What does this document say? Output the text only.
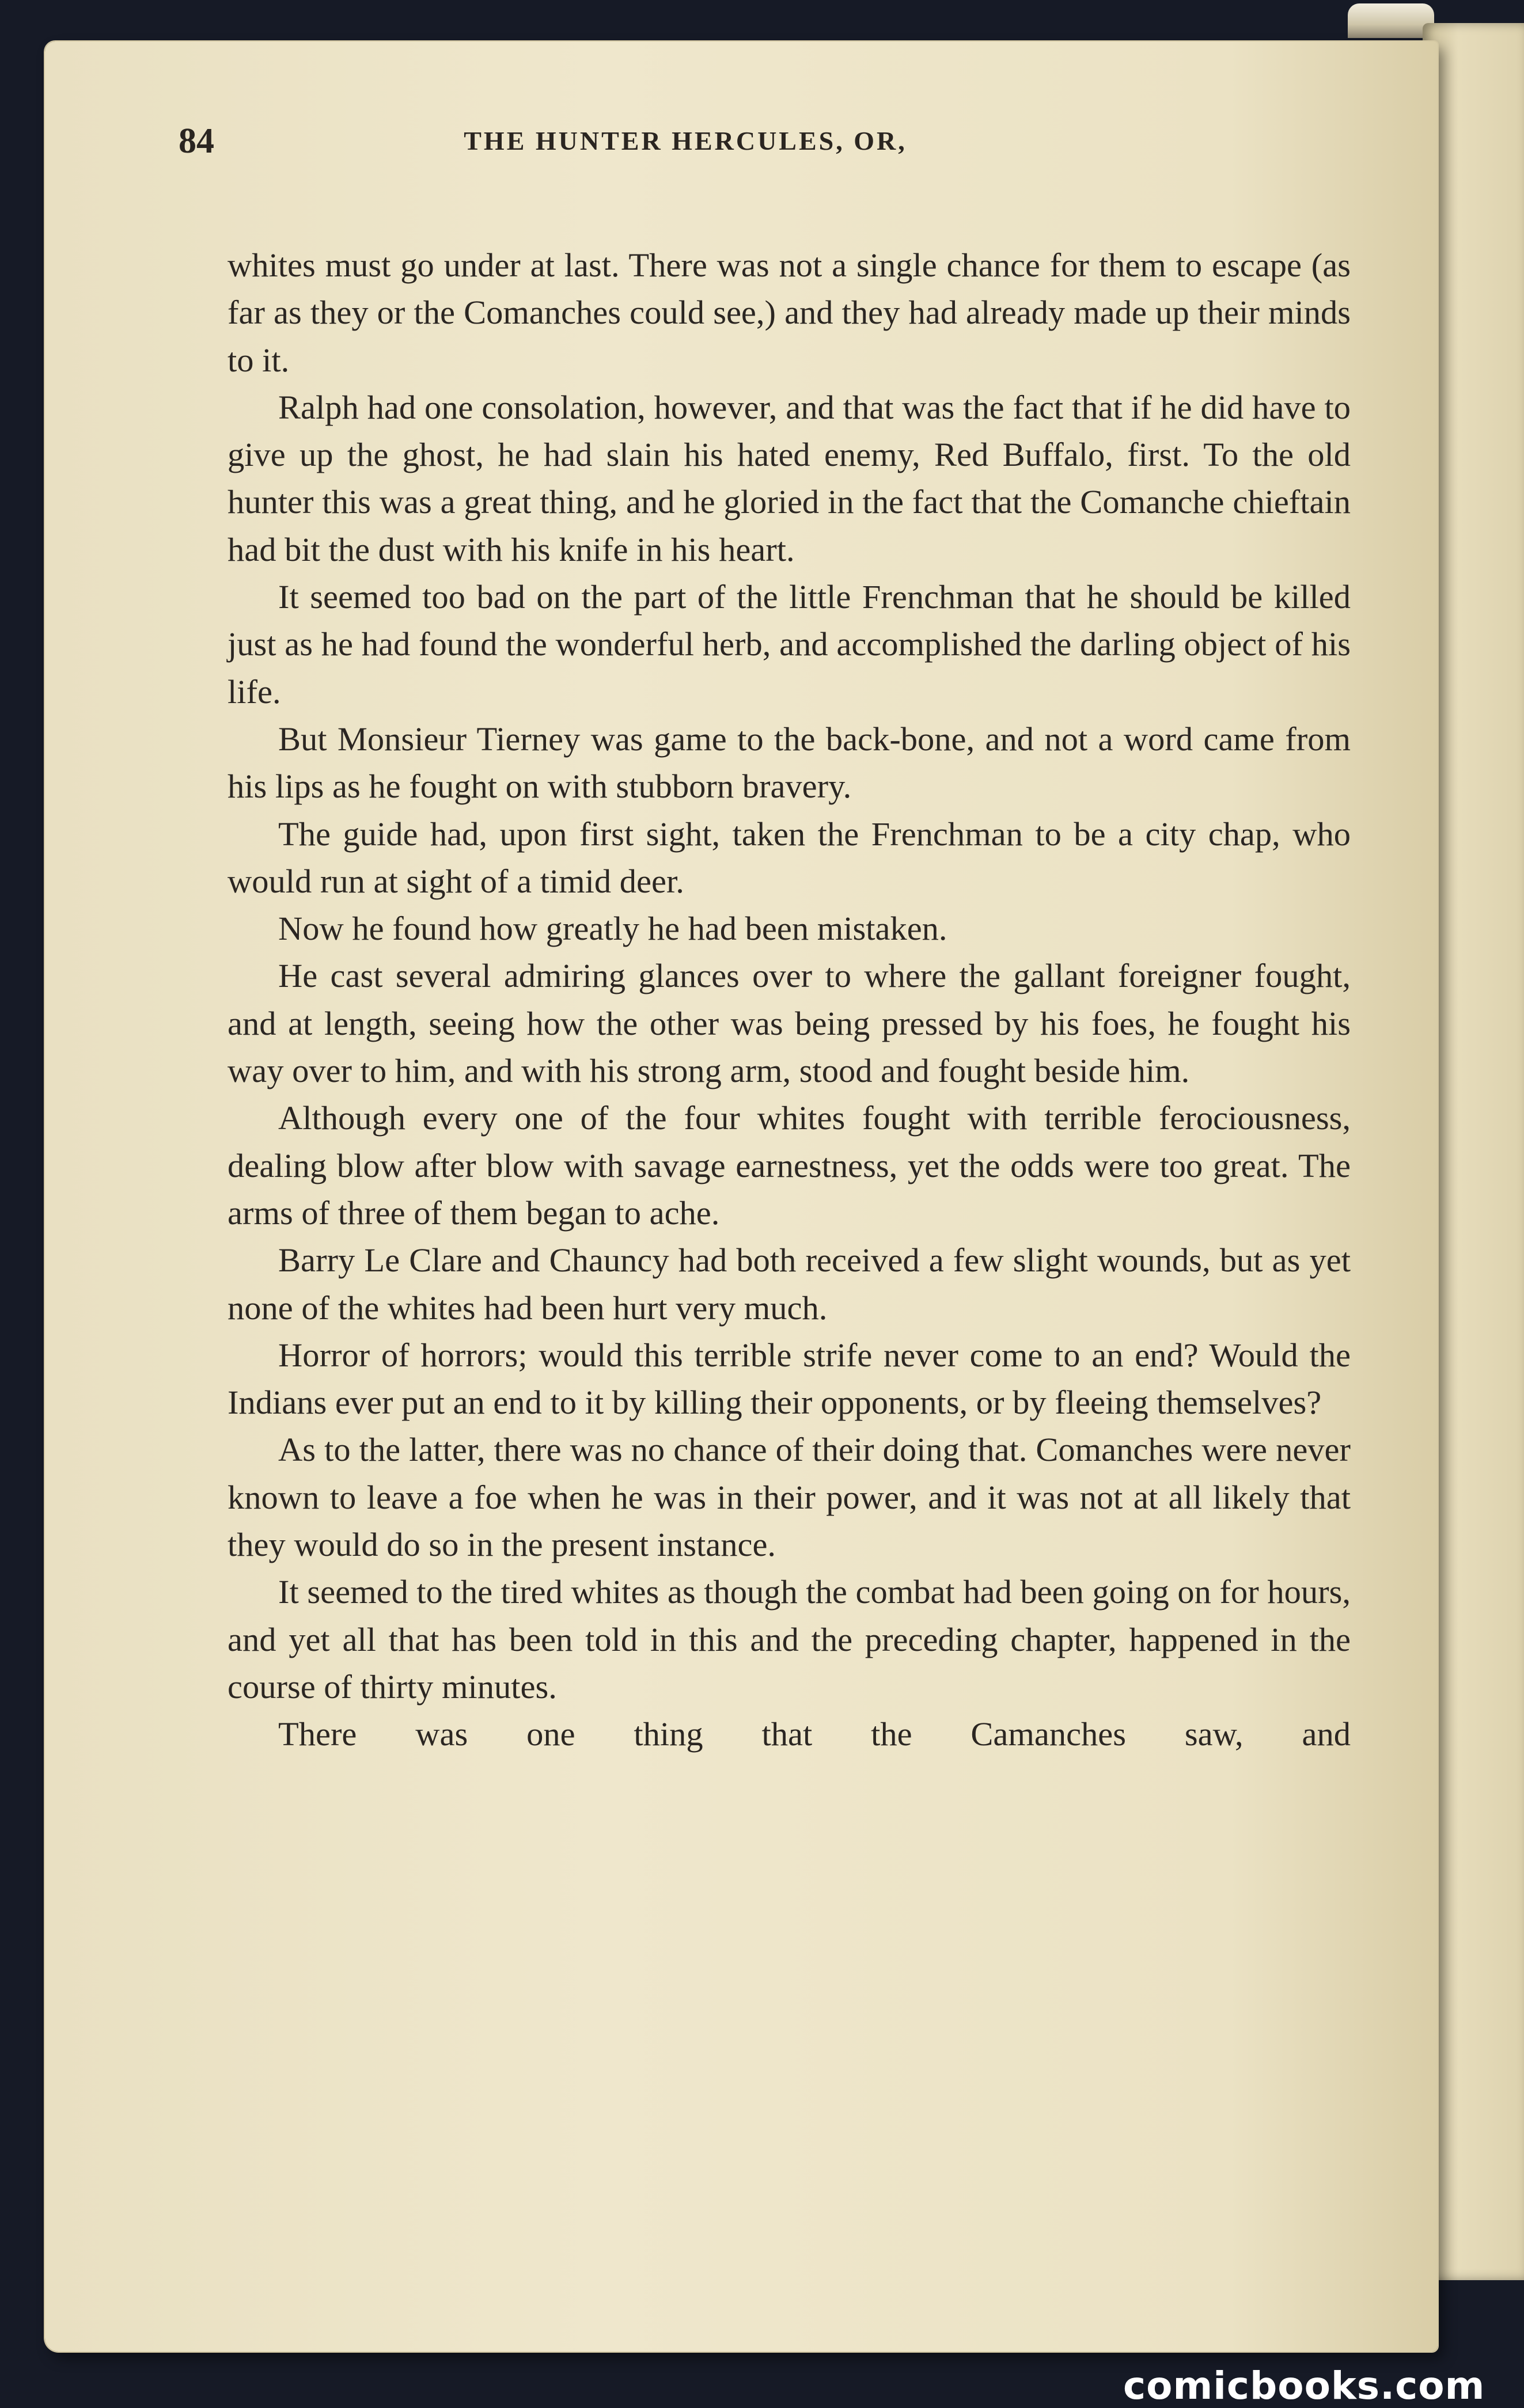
84	THE HUNTER HERCULES, OR,

whites must go under at last. There was not a single chance for them to escape (as far as they or the Comanches could see,) and they had already made up their minds to it.

Ralph had one consolation, however, and that was the fact that if he did have to give up the ghost, he had slain his hated enemy, Red Buffalo, first. To the old hunter this was a great thing, and he gloried in the fact that the Comanche chieftain had bit the dust with his knife in his heart.

It seemed too bad on the part of the little Frenchman that he should be killed just as he had found the wonderful herb, and accomplished the darling object of his life.

But Monsieur Tierney was game to the back-bone, and not a word came from his lips as he fought on with stubborn bravery.

The guide had, upon first sight, taken the Frenchman to be a city chap, who would run at sight of a timid deer.

Now he found how greatly he had been mistaken.

He cast several admiring glances over to where the gallant foreigner fought, and at length, seeing how the other was being pressed by his foes, he fought his way over to him, and with his strong arm, stood and fought beside him.

Although every one of the four whites fought with terrible ferociousness, dealing blow after blow with savage earnestness, yet the odds were too great. The arms of three of them began to ache.

Barry Le Clare and Chauncy had both received a few slight wounds, but as yet none of the whites had been hurt very much.

Horror of horrors; would this terrible strife never come to an end? Would the Indians ever put an end to it by killing their opponents, or by fleeing themselves?

As to the latter, there was no chance of their doing that. Comanches were never known to leave a foe when he was in their power, and it was not at all likely that they would do so in the present instance.

It seemed to the tired whites as though the combat had been going on for hours, and yet all that has been told in this and the preceding chapter, happened in the course of thirty minutes.

There was one thing that the Camanches saw, and

comicbooks.com
